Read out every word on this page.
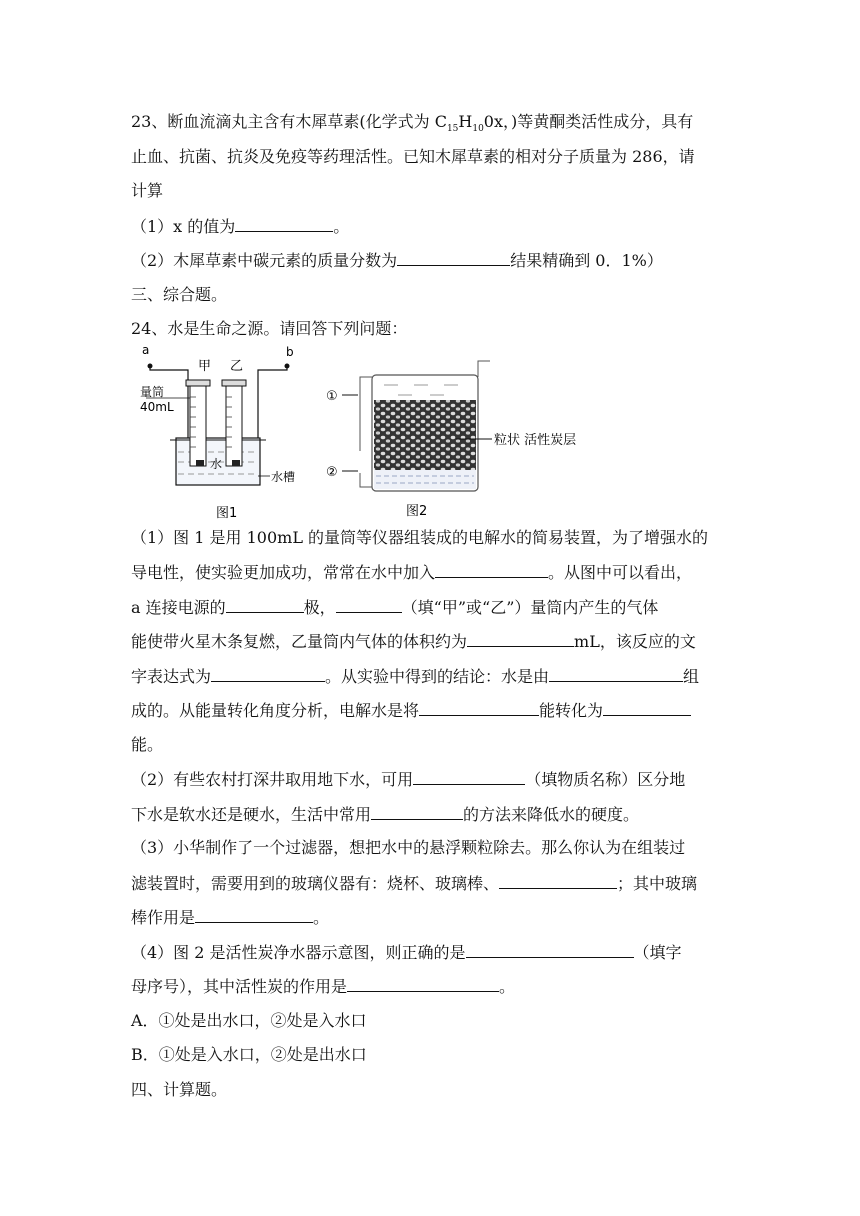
23、断血流滴丸主含有木犀草素(化学式为 $C_{15}H_{10}0x$，)等黄酮类活性成分，具有
止血、抗菌、抗炎及免疫等药理活性。已知木犀草素的相对分子质量为 286，请
计算
（1）x 的值为	。
（2）木犀草素中碳元素的质量分数为	结果精确到 0．1%）
三、综合题。
24、水是生命之源。请回答下列问题：
a	b
甲 乙
量筒
40mL
水
水槽
图1
①
②
粒状 活性炭层
图2
（1）图 1 是用 100mL 的量筒等仪器组装成的电解水的简易装置，为了增强水的
导电性，使实验更加成功，常常在水中加入	。从图中可以看出，
a 连接电源的	极，	（填“甲”或“乙”）量筒内产生的气体
能使带火星木条复燃，乙量筒内气体的体积约为	mL，该反应的文
字表达式为	。从实验中得到的结论：水是由	组
成的。从能量转化角度分析，电解水是将	能转化为
能。
（2）有些农村打深井取用地下水，可用	（填物质名称）区分地
下水是软水还是硬水，生活中常用	的方法来降低水的硬度。
（3）小华制作了一个过滤器，想把水中的悬浮颗粒除去。那么你认为在组装过
滤装置时，需要用到的玻璃仪器有：烧杯、玻璃棒、	；其中玻璃
棒作用是	。
（4）图 2 是活性炭净水器示意图，则正确的是	（填字
母序号），其中活性炭的作用是	。
A．①处是出水口，②处是入水口
B．①处是入水口，②处是出水口
四、计算题。
